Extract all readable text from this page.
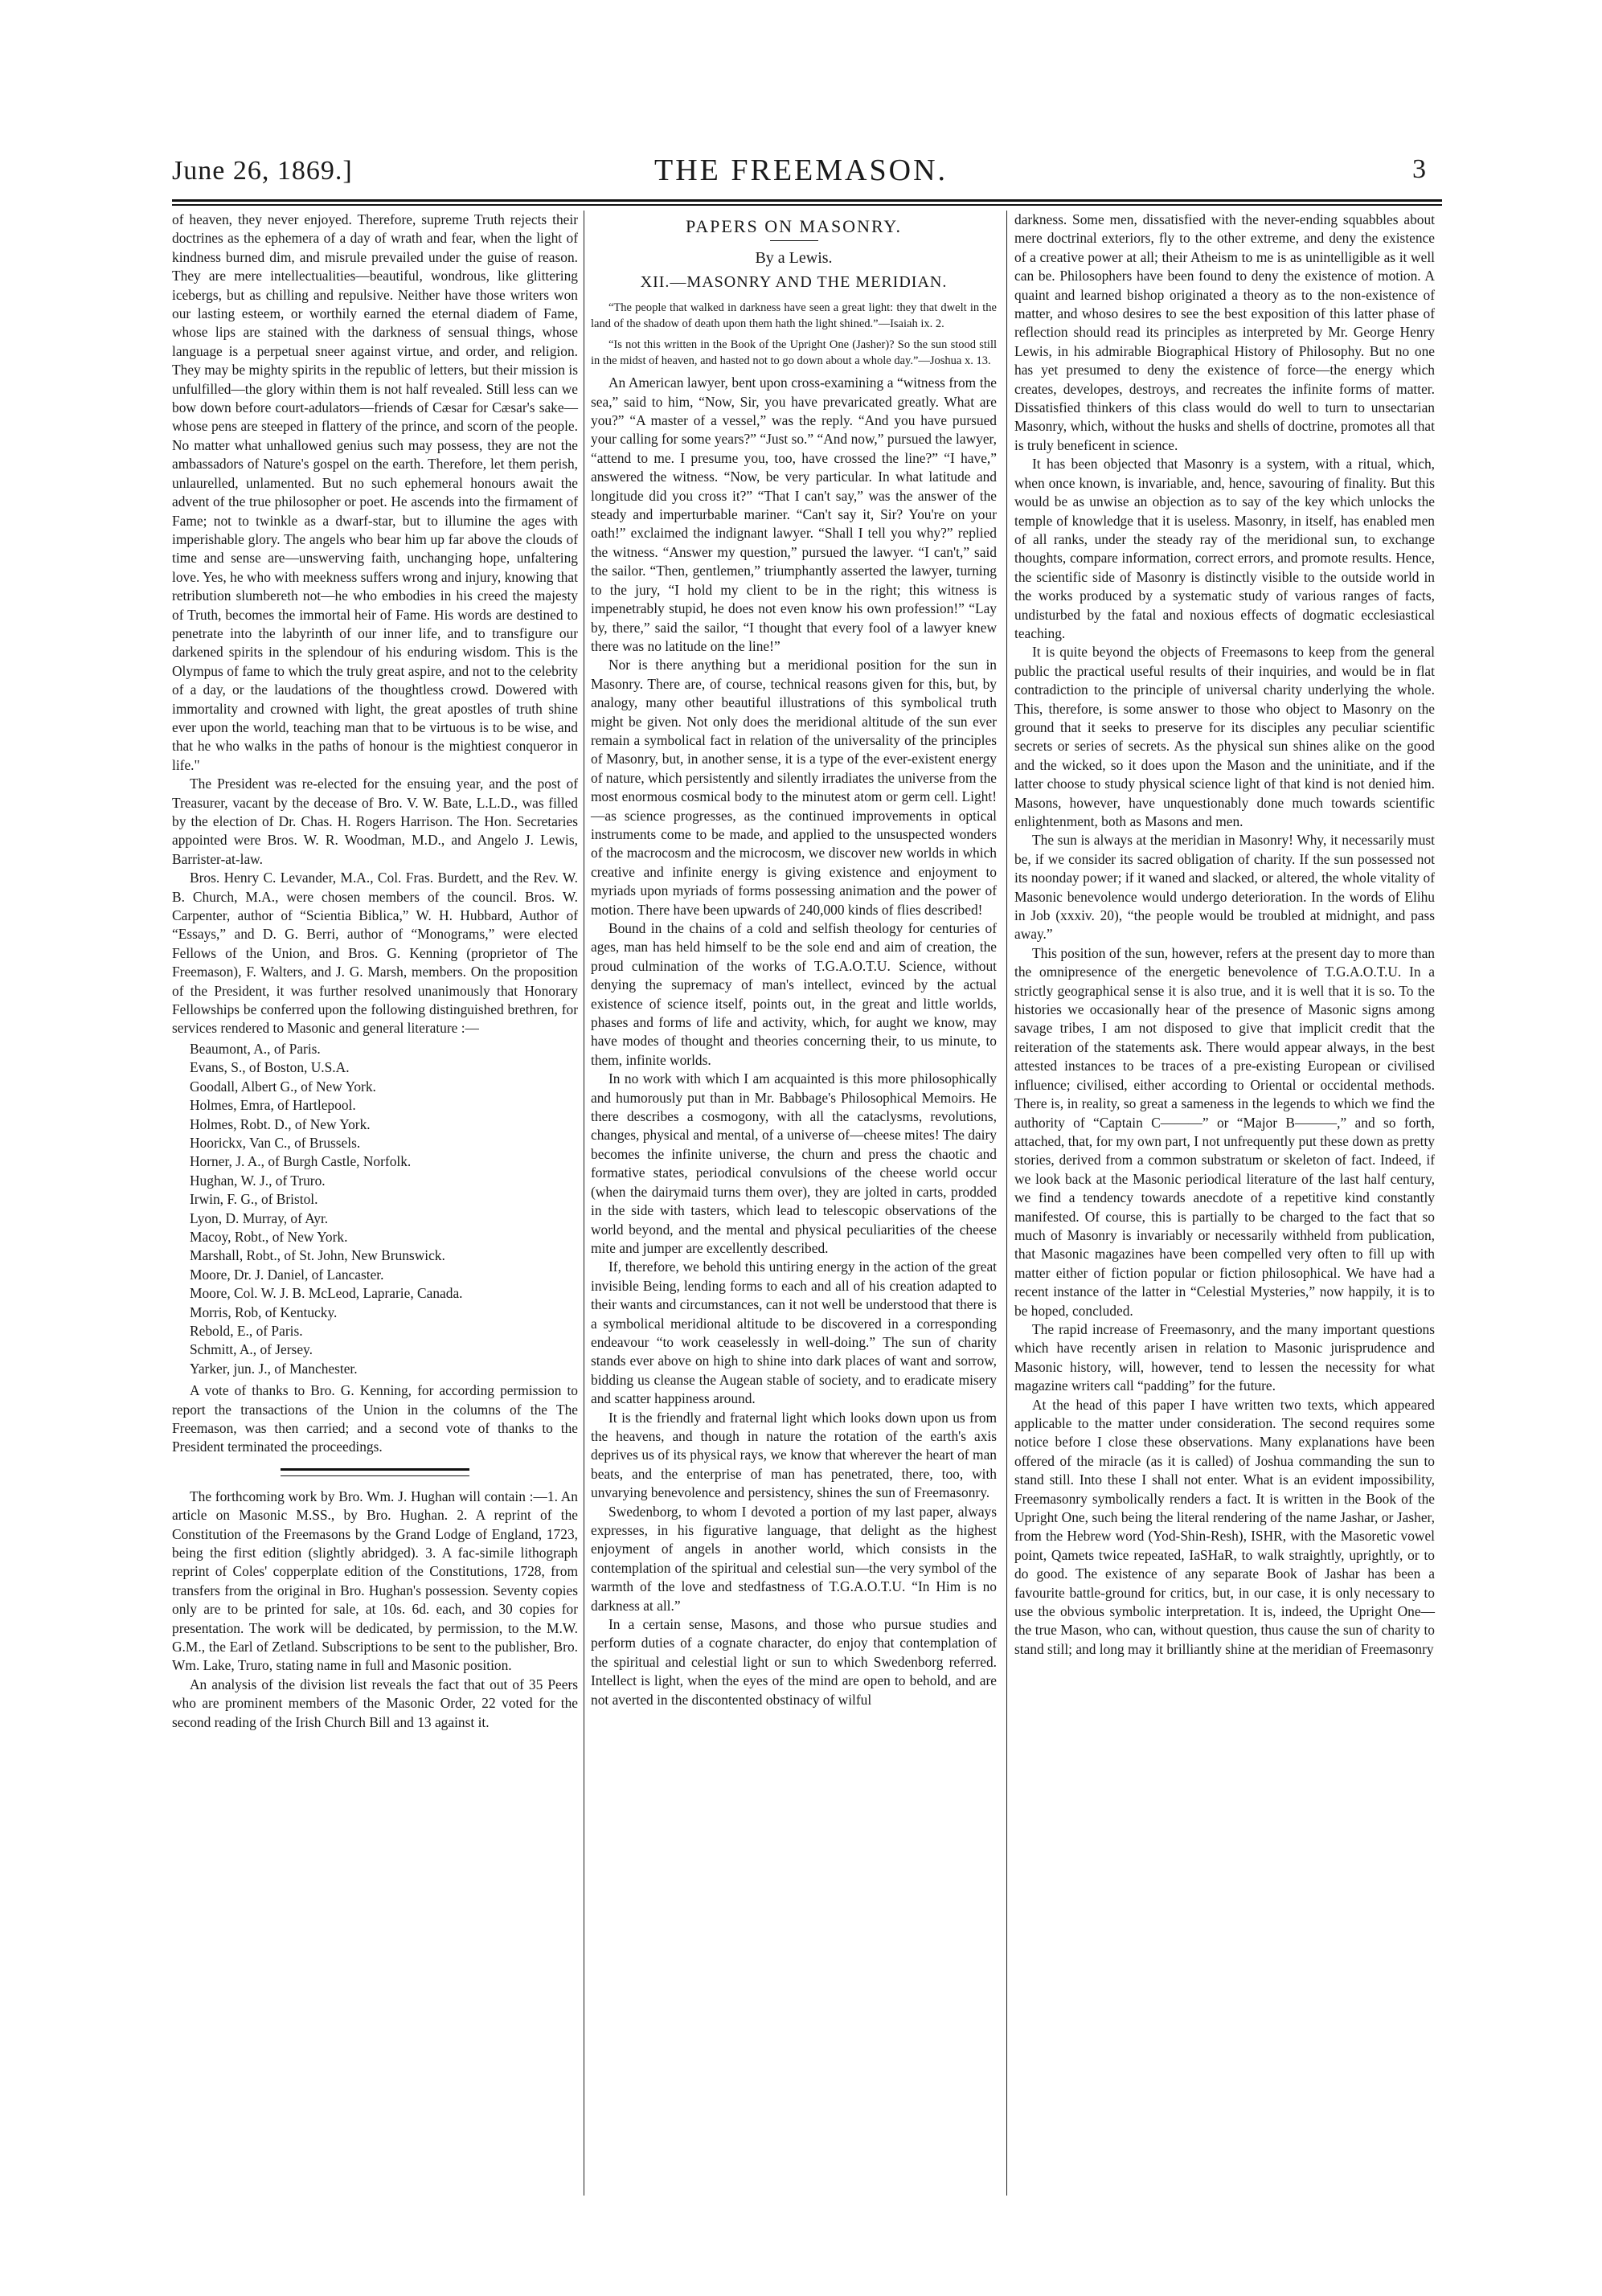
June 26, 1869.]	THE FREEMASON.	3

of heaven, they never enjoyed. Therefore, supreme Truth rejects their doctrines as the ephemera of a day of wrath and fear, when the light of kindness burned dim, and misrule prevailed under the guise of reason. They are mere intellectualities—beautiful, wondrous, like glittering icebergs, but as chilling and repulsive. Neither have those writers won our lasting esteem, or worthily earned the eternal diadem of Fame, whose lips are stained with the darkness of sensual things, whose language is a perpetual sneer against virtue, and order, and religion. They may be mighty spirits in the republic of letters, but their mission is unfulfilled—the glory within them is not half revealed. Still less can we bow down before court-adulators—friends of Cæsar for Cæsar's sake—whose pens are steeped in flattery of the prince, and scorn of the people. No matter what unhallowed genius such may possess, they are not the ambassadors of Nature's gospel on the earth. Therefore, let them perish, unlaurelled, unlamented. But no such ephemeral honours await the advent of the true philosopher or poet. He ascends into the firmament of Fame; not to twinkle as a dwarf-star, but to illumine the ages with imperishable glory. The angels who bear him up far above the clouds of time and sense are—unswerving faith, unchanging hope, unfaltering love. Yes, he who with meekness suffers wrong and injury, knowing that retribution slumbereth not—he who embodies in his creed the majesty of Truth, becomes the immortal heir of Fame. His words are destined to penetrate into the labyrinth of our inner life, and to transfigure our darkened spirits in the splendour of his enduring wisdom. This is the Olympus of fame to which the truly great aspire, and not to the celebrity of a day, or the laudations of the thoughtless crowd. Dowered with immortality and crowned with light, the great apostles of truth shine ever upon the world, teaching man that to be virtuous is to be wise, and that he who walks in the paths of honour is the mightiest conqueror in life."

The President was re-elected for the ensuing year, and the post of Treasurer, vacant by the decease of Bro. V. W. Bate, L.L.D., was filled by the election of Dr. Chas. H. Rogers Harrison. The Hon. Secretaries appointed were Bros. W. R. Woodman, M.D., and Angelo J. Lewis, Barrister-at-law.

Bros. Henry C. Levander, M.A., Col. Fras. Burdett, and the Rev. W. B. Church, M.A., were chosen members of the council. Bros. W. Carpenter, author of “Scientia Biblica,” W. H. Hubbard, Author of “Essays,” and D. G. Berri, author of “Monograms,” were elected Fellows of the Union, and Bros. G. Kenning (proprietor of The Freemason), F. Walters, and J. G. Marsh, members. On the proposition of the President, it was further resolved unanimously that Honorary Fellowships be conferred upon the following distinguished brethren, for services rendered to Masonic and general literature :—

Beaumont, A., of Paris.
Evans, S., of Boston, U.S.A.
Goodall, Albert G., of New York.
Holmes, Emra, of Hartlepool.
Holmes, Robt. D., of New York.
Hoorickx, Van C., of Brussels.
Horner, J. A., of Burgh Castle, Norfolk.
Hughan, W. J., of Truro.
Irwin, F. G., of Bristol.
Lyon, D. Murray, of Ayr.
Macoy, Robt., of New York.
Marshall, Robt., of St. John, New Brunswick.
Moore, Dr. J. Daniel, of Lancaster.
Moore, Col. W. J. B. McLeod, Laprarie, Canada.
Morris, Rob, of Kentucky.
Rebold, E., of Paris.
Schmitt, A., of Jersey.
Yarker, jun. J., of Manchester.

A vote of thanks to Bro. G. Kenning, for according permission to report the transactions of the Union in the columns of the The Freemason, was then carried; and a second vote of thanks to the President terminated the proceedings.

The forthcoming work by Bro. Wm. J. Hughan will contain :—1. An article on Masonic M.SS., by Bro. Hughan. 2. A reprint of the Constitution of the Freemasons by the Grand Lodge of England, 1723, being the first edition (slightly abridged). 3. A fac-simile lithograph reprint of Coles' copperplate edition of the Constitutions, 1728, from transfers from the original in Bro. Hughan's possession. Seventy copies only are to be printed for sale, at 10s. 6d. each, and 30 copies for presentation. The work will be dedicated, by permission, to the M.W. G.M., the Earl of Zetland. Subscriptions to be sent to the publisher, Bro. Wm. Lake, Truro, stating name in full and Masonic position.

An analysis of the division list reveals the fact that out of 35 Peers who are prominent members of the Masonic Order, 22 voted for the second reading of the Irish Church Bill and 13 against it.

PAPERS ON MASONRY.
By a Lewis.
XII.—MASONRY AND THE MERIDIAN.

“The people that walked in darkness have seen a great light: they that dwelt in the land of the shadow of death upon them hath the light shined.”—Isaiah ix. 2.

“Is not this written in the Book of the Upright One (Jasher)? So the sun stood still in the midst of heaven, and hasted not to go down about a whole day.”—Joshua x. 13.

An American lawyer, bent upon cross-examining a “witness from the sea,” said to him, “Now, Sir, you have prevaricated greatly. What are you?” “A master of a vessel,” was the reply. “And you have pursued your calling for some years?” “Just so.” “And now,” pursued the lawyer, “attend to me. I presume you, too, have crossed the line?” “I have,” answered the witness. “Now, be very particular. In what latitude and longitude did you cross it?” “That I can't say,” was the answer of the steady and imperturbable mariner. “Can't say it, Sir? You're on your oath!” exclaimed the indignant lawyer. “Shall I tell you why?” replied the witness. “Answer my question,” pursued the lawyer. “I can't,” said the sailor. “Then, gentlemen,” triumphantly asserted the lawyer, turning to the jury, “I hold my client to be in the right; this witness is impenetrably stupid, he does not even know his own profession!” “Lay by, there,” said the sailor, “I thought that every fool of a lawyer knew there was no latitude on the line!”

Nor is there anything but a meridional position for the sun in Masonry. There are, of course, technical reasons given for this, but, by analogy, many other beautiful illustrations of this symbolical truth might be given. Not only does the meridional altitude of the sun ever remain a symbolical fact in relation of the universality of the principles of Masonry, but, in another sense, it is a type of the ever-existent energy of nature, which persistently and silently irradiates the universe from the most enormous cosmical body to the minutest atom or germ cell. Light!—as science progresses, as the continued improvements in optical instruments come to be made, and applied to the unsuspected wonders of the macrocosm and the microcosm, we discover new worlds in which creative and infinite energy is giving existence and enjoyment to myriads upon myriads of forms possessing animation and the power of motion. There have been upwards of 240,000 kinds of flies described!

Bound in the chains of a cold and selfish theology for centuries of ages, man has held himself to be the sole end and aim of creation, the proud culmination of the works of T.G.A.O.T.U. Science, without denying the supremacy of man's intellect, evinced by the actual existence of science itself, points out, in the great and little worlds, phases and forms of life and activity, which, for aught we know, may have modes of thought and theories concerning their, to us minute, to them, infinite worlds.

In no work with which I am acquainted is this more philosophically and humorously put than in Mr. Babbage's Philosophical Memoirs. He there describes a cosmogony, with all the cataclysms, revolutions, changes, physical and mental, of a universe of—cheese mites! The dairy becomes the infinite universe, the churn and press the chaotic and formative states, periodical convulsions of the cheese world occur (when the dairymaid turns them over), they are jolted in carts, prodded in the side with tasters, which lead to telescopic observations of the world beyond, and the mental and physical peculiarities of the cheese mite and jumper are excellently described.

If, therefore, we behold this untiring energy in the action of the great invisible Being, lending forms to each and all of his creation adapted to their wants and circumstances, can it not well be understood that there is a symbolical meridional altitude to be discovered in a corresponding endeavour “to work ceaselessly in well-doing.” The sun of charity stands ever above on high to shine into dark places of want and sorrow, bidding us cleanse the Augean stable of society, and to eradicate misery and scatter happiness around.

It is the friendly and fraternal light which looks down upon us from the heavens, and though in nature the rotation of the earth's axis deprives us of its physical rays, we know that wherever the heart of man beats, and the enterprise of man has penetrated, there, too, with unvarying benevolence and persistency, shines the sun of Freemasonry.

Swedenborg, to whom I devoted a portion of my last paper, always expresses, in his figurative language, that delight as the highest enjoyment of angels in another world, which consists in the contemplation of the spiritual and celestial sun—the very symbol of the warmth of the love and stedfastness of T.G.A.O.T.U. “In Him is no darkness at all.”

In a certain sense, Masons, and those who pursue studies and perform duties of a cognate character, do enjoy that contemplation of the spiritual and celestial light or sun to which Swedenborg referred. Intellect is light, when the eyes of the mind are open to behold, and are not averted in the discontented obstinacy of wilful

darkness. Some men, dissatisfied with the never-ending squabbles about mere doctrinal exteriors, fly to the other extreme, and deny the existence of a creative power at all; their Atheism to me is as unintelligible as it well can be. Philosophers have been found to deny the existence of motion. A quaint and learned bishop originated a theory as to the non-existence of matter, and whoso desires to see the best exposition of this latter phase of reflection should read its principles as interpreted by Mr. George Henry Lewis, in his admirable Biographical History of Philosophy. But no one has yet presumed to deny the existence of force—the energy which creates, developes, destroys, and recreates the infinite forms of matter. Dissatisfied thinkers of this class would do well to turn to unsectarian Masonry, which, without the husks and shells of doctrine, promotes all that is truly beneficent in science.

It has been objected that Masonry is a system, with a ritual, which, when once known, is invariable, and, hence, savouring of finality. But this would be as unwise an objection as to say of the key which unlocks the temple of knowledge that it is useless. Masonry, in itself, has enabled men of all ranks, under the steady ray of the meridional sun, to exchange thoughts, compare information, correct errors, and promote results. Hence, the scientific side of Masonry is distinctly visible to the outside world in the works produced by a systematic study of various ranges of facts, undisturbed by the fatal and noxious effects of dogmatic ecclesiastical teaching.

It is quite beyond the objects of Freemasons to keep from the general public the practical useful results of their inquiries, and would be in flat contradiction to the principle of universal charity underlying the whole. This, therefore, is some answer to those who object to Masonry on the ground that it seeks to preserve for its disciples any peculiar scientific secrets or series of secrets. As the physical sun shines alike on the good and the wicked, so it does upon the Mason and the uninitiate, and if the latter choose to study physical science light of that kind is not denied him. Masons, however, have unquestionably done much towards scientific enlightenment, both as Masons and men.

The sun is always at the meridian in Masonry! Why, it necessarily must be, if we consider its sacred obligation of charity. If the sun possessed not its noonday power; if it waned and slacked, or altered, the whole vitality of Masonic benevolence would undergo deterioration. In the words of Elihu in Job (xxxiv. 20), “the people would be troubled at midnight, and pass away.”

This position of the sun, however, refers at the present day to more than the omnipresence of the energetic benevolence of T.G.A.O.T.U. In a strictly geographical sense it is also true, and it is well that it is so. To the histories we occasionally hear of the presence of Masonic signs among savage tribes, I am not disposed to give that implicit credit that the reiteration of the statements ask. There would appear always, in the best attested instances to be traces of a pre-existing European or civilised influence; civilised, either according to Oriental or occidental methods. There is, in reality, so great a sameness in the legends to which we find the authority of “Captain C———” or “Major B———,” and so forth, attached, that, for my own part, I not unfrequently put these down as pretty stories, derived from a common substratum or skeleton of fact. Indeed, if we look back at the Masonic periodical literature of the last half century, we find a tendency towards anecdote of a repetitive kind constantly manifested. Of course, this is partially to be charged to the fact that so much of Masonry is invariably or necessarily withheld from publication, that Masonic magazines have been compelled very often to fill up with matter either of fiction popular or fiction philosophical. We have had a recent instance of the latter in “Celestial Mysteries,” now happily, it is to be hoped, concluded.

The rapid increase of Freemasonry, and the many important questions which have recently arisen in relation to Masonic jurisprudence and Masonic history, will, however, tend to lessen the necessity for what magazine writers call “padding” for the future.

At the head of this paper I have written two texts, which appeared applicable to the matter under consideration. The second requires some notice before I close these observations. Many explanations have been offered of the miracle (as it is called) of Joshua commanding the sun to stand still. Into these I shall not enter. What is an evident impossibility, Freemasonry symbolically renders a fact. It is written in the Book of the Upright One, such being the literal rendering of the name Jashar, or Jasher, from the Hebrew word (Yod-Shin-Resh), ISHR, with the Masoretic vowel point, Qamets twice repeated, IaSHaR, to walk straightly, uprightly, or to do good. The existence of any separate Book of Jashar has been a favourite battle-ground for critics, but, in our case, it is only necessary to use the obvious symbolic interpretation. It is, indeed, the Upright One—the true Mason, who can, without question, thus cause the sun of charity to stand still; and long may it brilliantly shine at the meridian of Freemasonry
